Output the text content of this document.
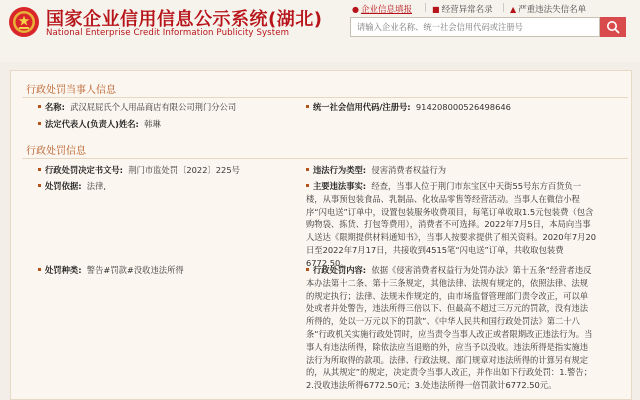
国家企业信用信息公示系统(湖北)
National Enterprise Credit Information Publicity System
● 企业信息填报 | ■ 经营异常名录 | ▲ 严重违法失信名单
请输入企业名称、统一社会信用代码或注册号
行政处罚当事人信息
名称: 武汉屁屁氏个人用品商店有限公司荆门分公司	统一社会信用代码/注册号: 914208000526498646
法定代表人(负责人)姓名: 韩琳
行政处罚信息
行政处罚决定书文号: 荆门市监处罚〔2022〕225号	违法行为类型: 侵害消费者权益行为
处罚依据: 法律,	主要违法事实: 经查，当事人位于荆门市东宝区中天街55号东方百货负一楼，从事预包装食品、乳制品、化妆品零售等经营活动。当事人在微信小程序“闪电送”订单中，设置包装服务收费项目，每笔订单收取1.5元包装费（包含购物袋、拣货、打包等费用），消费者不可选择。2022年7月5日，本局向当事人送达《限期提供材料通知书》，当事人按要求提供了相关资料。2020年7月20日至2022年7月17日，共接收到4515笔“闪电送”订单，共收取包装费6772.50。
处罚种类: 警告#罚款#没收违法所得	行政处罚内容: 依据《侵害消费者权益行为处罚办法》第十五条“经营者违反本办法第十二条、第十三条规定，其他法律、法规有规定的，依照法律、法规的规定执行；法律、法规未作规定的，由市场监督管理部门责令改正，可以单处或者并处警告，违法所得三倍以下、但最高不超过三万元的罚款，没有违法所得的，处以一万元以下的罚款”、《中华人民共和国行政处罚法》第二十八条“行政机关实施行政处罚时，应当责令当事人改正或者限期改正违法行为。当事人有违法所得，除依法应当退赔的外，应当予以没收。违法所得是指实施违法行为所取得的款项。法律、行政法规、部门规章对违法所得的计算另有规定的，从其规定”的规定，决定责令当事人改正，并作出如下行政处罚：1.警告；2.没收违法所得6772.50元；3.处违法所得一倍罚款计6772.50元。
